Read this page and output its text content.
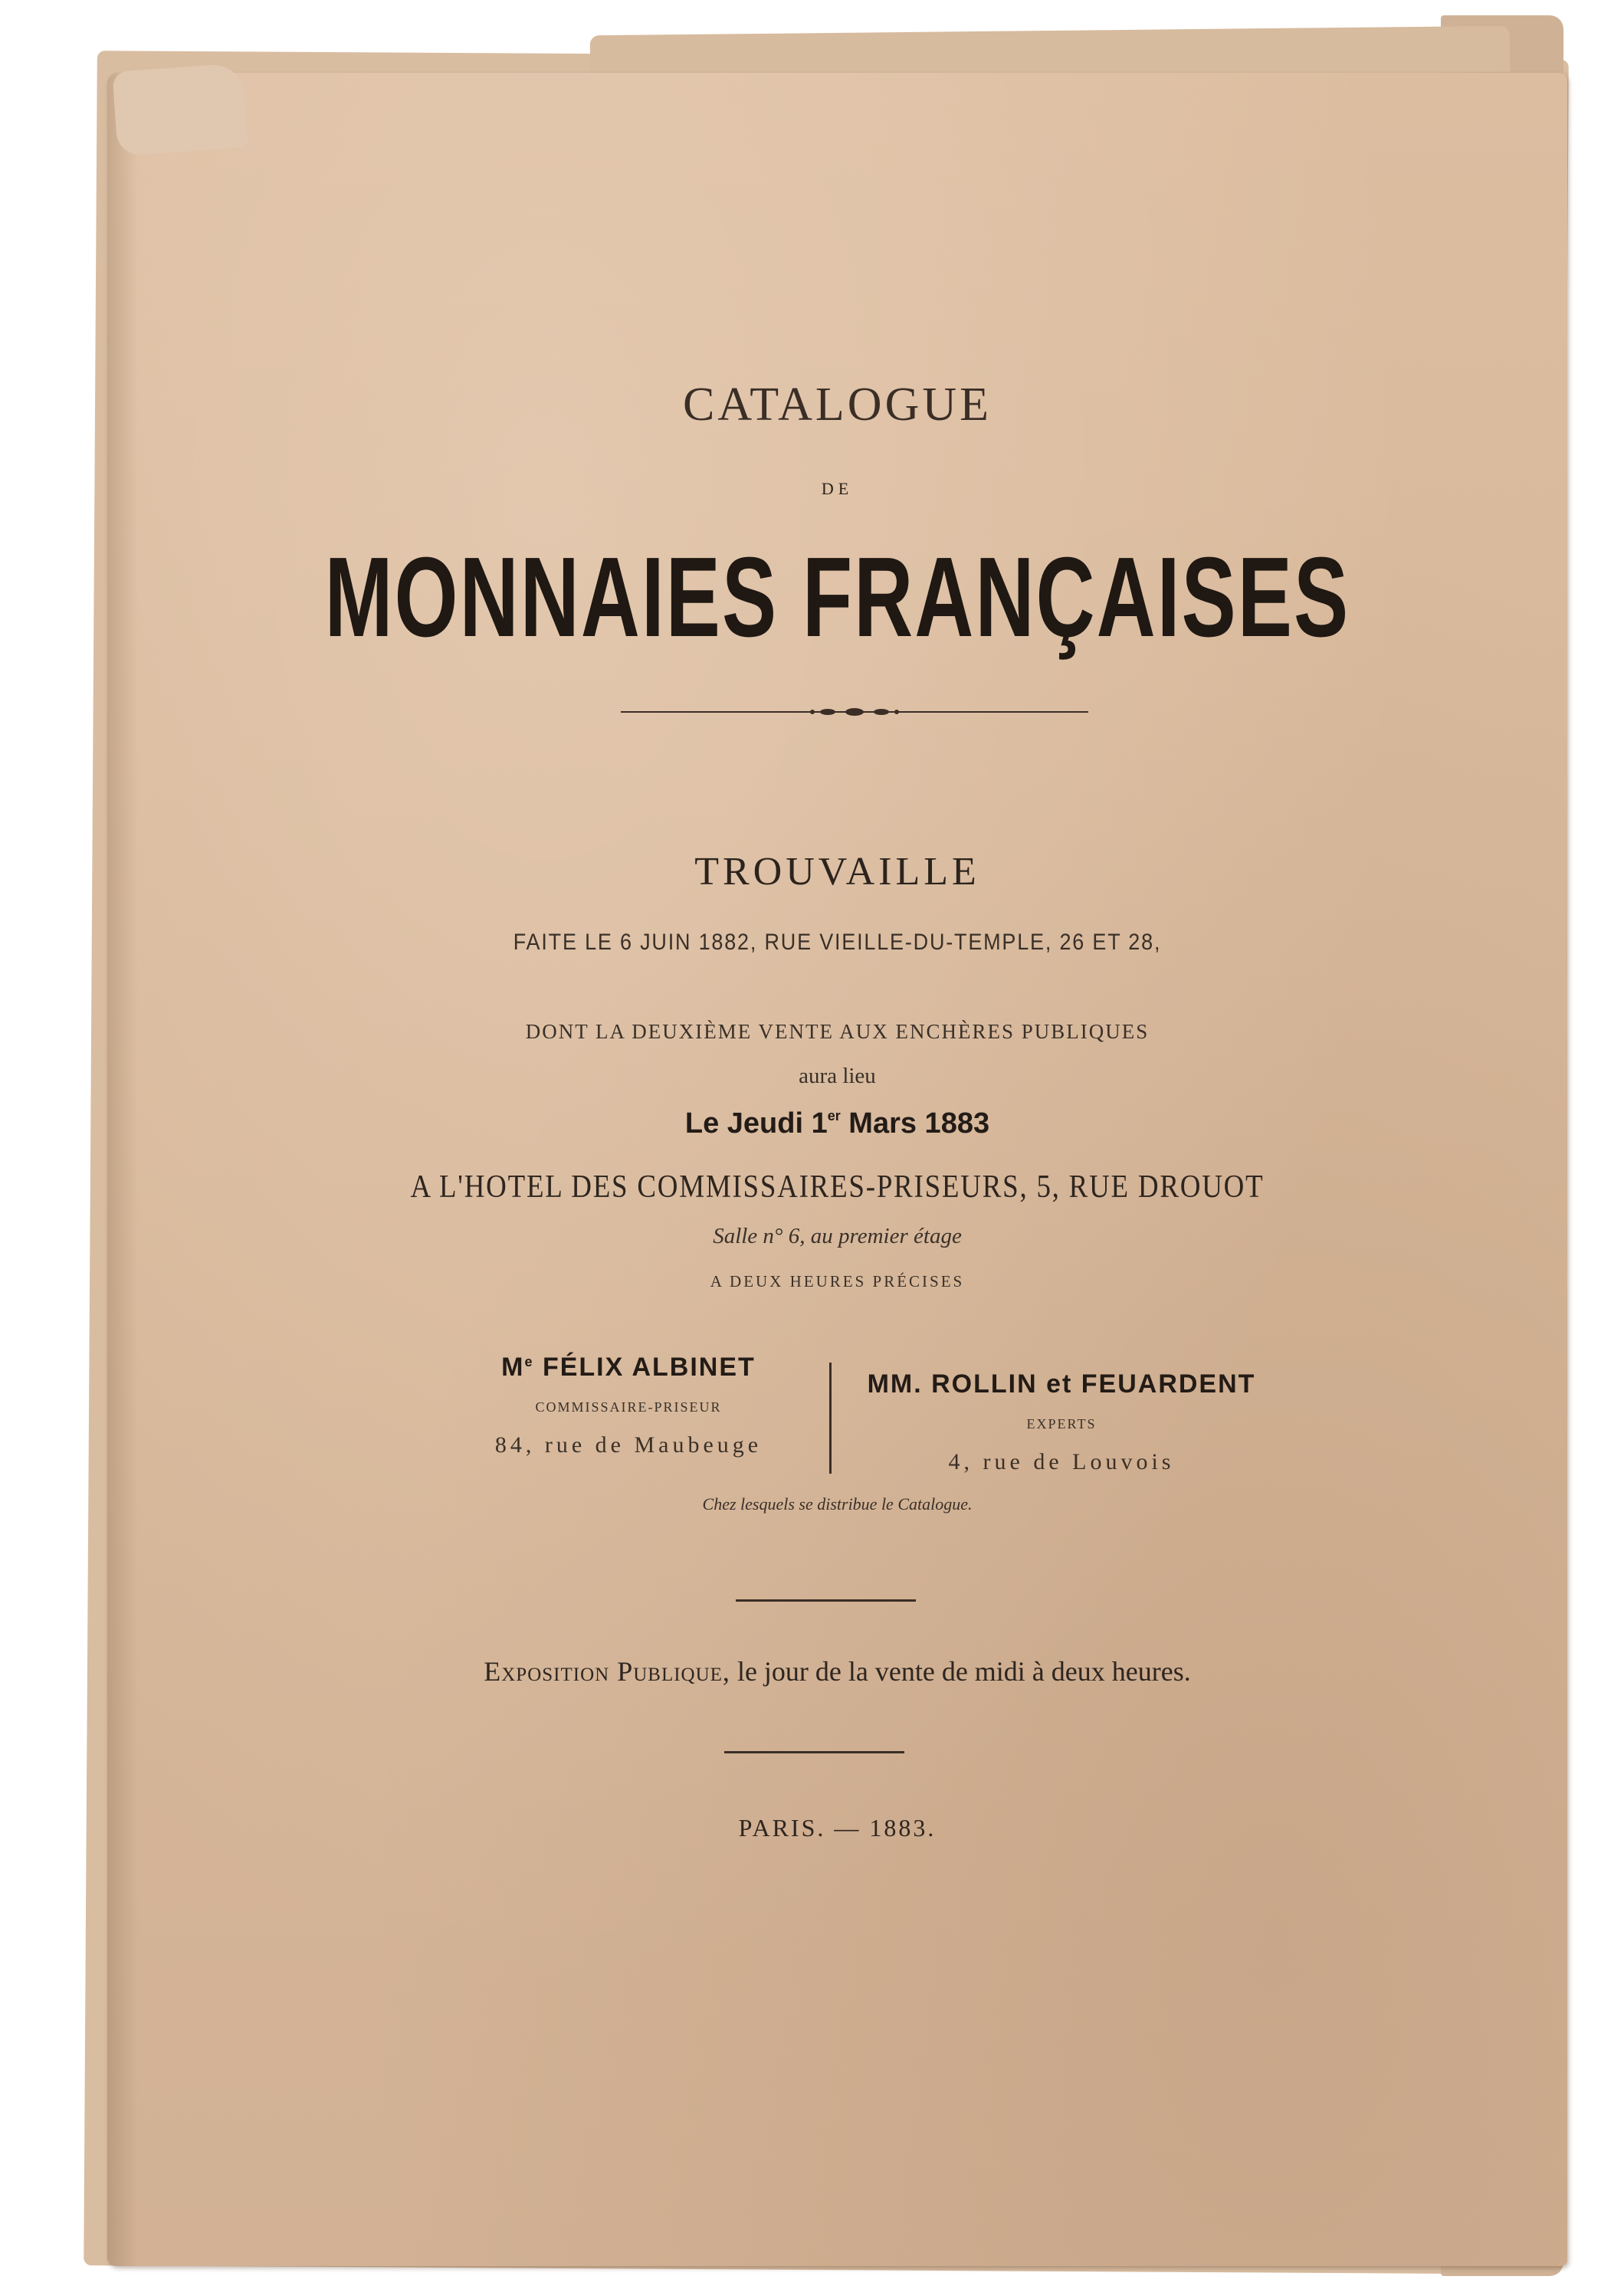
CATALOGUE
DE
MONNAIES FRANÇAISES
TROUVAILLE
FAITE LE 6 JUIN 1882, RUE VIEILLE-DU-TEMPLE, 26 ET 28,
DONT LA DEUXIÈME VENTE AUX ENCHÈRES PUBLIQUES
aura lieu
Le Jeudi 1er Mars 1883
A L'HOTEL DES COMMISSAIRES-PRISEURS, 5, RUE DROUOT
Salle n° 6, au premier étage
A DEUX HEURES PRÉCISES
Me FÉLIX ALBINET
COMMISSAIRE-PRISEUR
84, rue de Maubeuge
MM. ROLLIN et FEUARDENT
EXPERTS
4, rue de Louvois
Chez lesquels se distribue le Catalogue.
Exposition Publique, le jour de la vente de midi à deux heures.
PARIS. — 1883.
